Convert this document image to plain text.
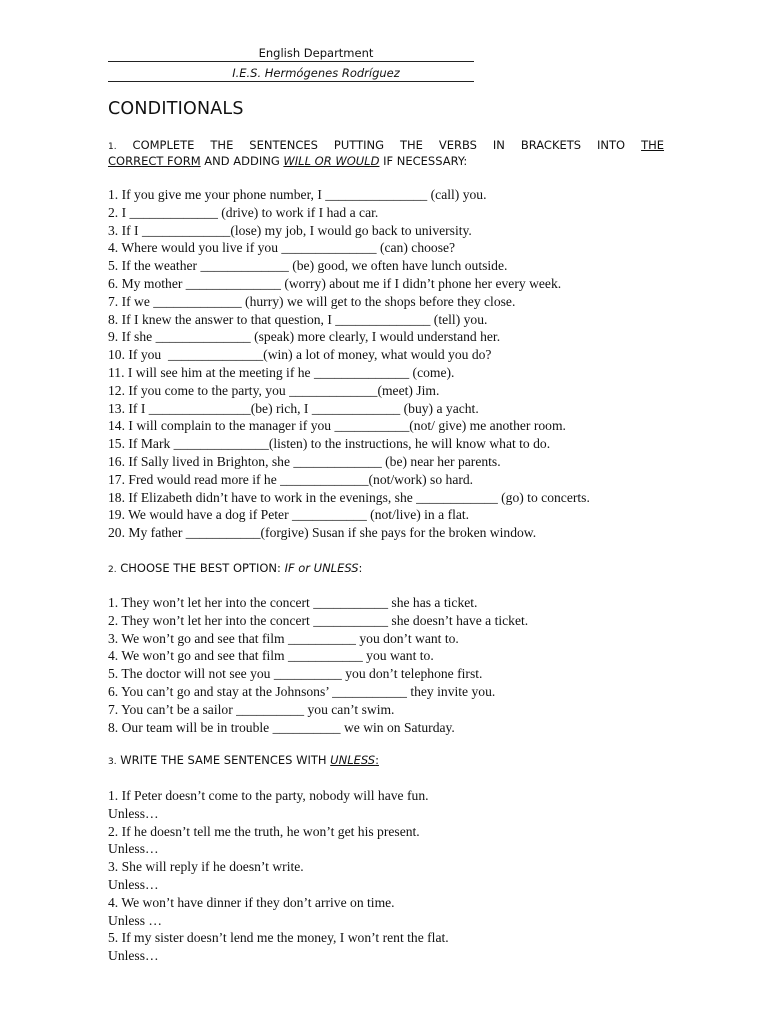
English Department
I.E.S. Hermógenes Rodríguez
CONDITIONALS
1. COMPLETE THE SENTENCES PUTTING THE VERBS IN BRACKETS INTO THE
CORRECT FORM AND ADDING WILL OR WOULD IF NECESSARY:
1. If you give me your phone number, I _______________ (call) you.
2. I _____________ (drive) to work if I had a car.
3. If I _____________(lose) my job, I would go back to university.
4. Where would you live if you ______________ (can) choose?
5. If the weather _____________ (be) good, we often have lunch outside.
6. My mother ______________ (worry) about me if I didn’t phone her every week.
7. If we _____________ (hurry) we will get to the shops before they close.
8. If I knew the answer to that question, I ______________ (tell) you.
9. If she ______________ (speak) more clearly, I would understand her.
10. If you  ______________(win) a lot of money, what would you do?
11. I will see him at the meeting if he ______________ (come).
12. If you come to the party, you _____________(meet) Jim.
13. If I _______________(be) rich, I _____________ (buy) a yacht.
14. I will complain to the manager if you ___________(not/ give) me another room.
15. If Mark ______________(listen) to the instructions, he will know what to do.
16. If Sally lived in Brighton, she _____________ (be) near her parents.
17. Fred would read more if he _____________(not/work) so hard.
18. If Elizabeth didn’t have to work in the evenings, she ____________ (go) to concerts.
19. We would have a dog if Peter ___________ (not/live) in a flat.
20. My father ___________(forgive) Susan if she pays for the broken window.
2. CHOOSE THE BEST OPTION: IF or UNLESS:
1. They won’t let her into the concert ___________ she has a ticket.
2. They won’t let her into the concert ___________ she doesn’t have a ticket.
3. We won’t go and see that film __________ you don’t want to.
4. We won’t go and see that film ___________ you want to.
5. The doctor will not see you __________ you don’t telephone first.
6. You can’t go and stay at the Johnsons’ ___________ they invite you.
7. You can’t be a sailor __________ you can’t swim.
8. Our team will be in trouble __________ we win on Saturday.
3. WRITE THE SAME SENTENCES WITH UNLESS:
1. If Peter doesn’t come to the party, nobody will have fun.
Unless…
2. If he doesn’t tell me the truth, he won’t get his present.
Unless…
3. She will reply if he doesn’t write.
Unless…
4. We won’t have dinner if they don’t arrive on time.
Unless …
5. If my sister doesn’t lend me the money, I won’t rent the flat.
Unless…
